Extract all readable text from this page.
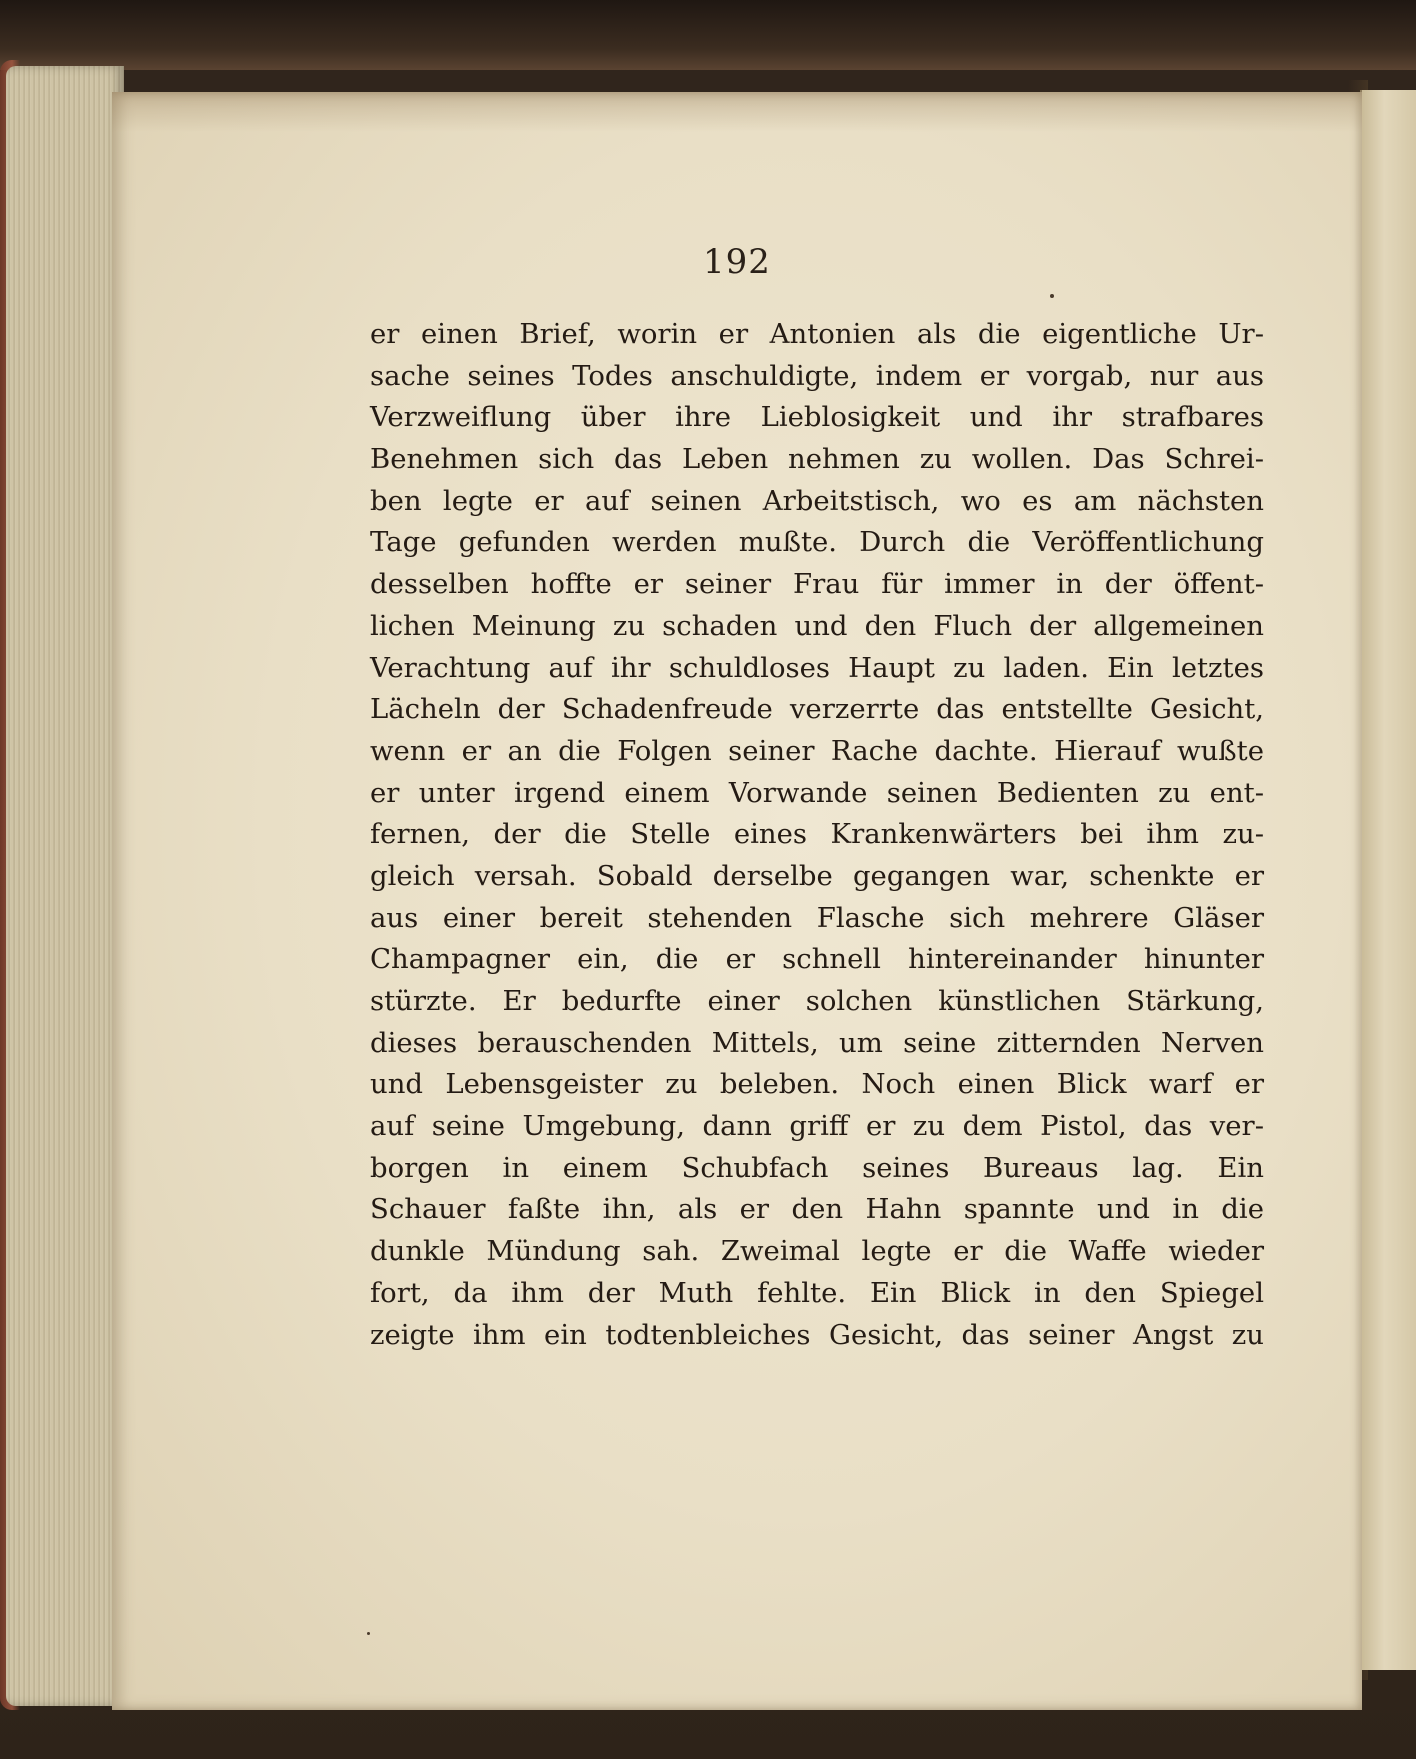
192
er einen Brief, worin er Antonien als die eigentliche Ur-
sache seines Todes anschuldigte, indem er vorgab, nur aus
Verzweiflung über ihre Lieblosigkeit und ihr strafbares
Benehmen sich das Leben nehmen zu wollen. Das Schrei-
ben legte er auf seinen Arbeitstisch, wo es am nächsten
Tage gefunden werden mußte. Durch die Veröffentlichung
desselben hoffte er seiner Frau für immer in der öffent-
lichen Meinung zu schaden und den Fluch der allgemeinen
Verachtung auf ihr schuldloses Haupt zu laden. Ein letztes
Lächeln der Schadenfreude verzerrte das entstellte Gesicht,
wenn er an die Folgen seiner Rache dachte. Hierauf wußte
er unter irgend einem Vorwande seinen Bedienten zu ent-
fernen, der die Stelle eines Krankenwärters bei ihm zu-
gleich versah. Sobald derselbe gegangen war, schenkte er
aus einer bereit stehenden Flasche sich mehrere Gläser
Champagner ein, die er schnell hintereinander hinunter
stürzte. Er bedurfte einer solchen künstlichen Stärkung,
dieses berauschenden Mittels, um seine zitternden Nerven
und Lebensgeister zu beleben. Noch einen Blick warf er
auf seine Umgebung, dann griff er zu dem Pistol, das ver-
borgen in einem Schubfach seines Bureaus lag. Ein
Schauer faßte ihn, als er den Hahn spannte und in die
dunkle Mündung sah. Zweimal legte er die Waffe wieder
fort, da ihm der Muth fehlte. Ein Blick in den Spiegel
zeigte ihm ein todtenbleiches Gesicht, das seiner Angst zu
